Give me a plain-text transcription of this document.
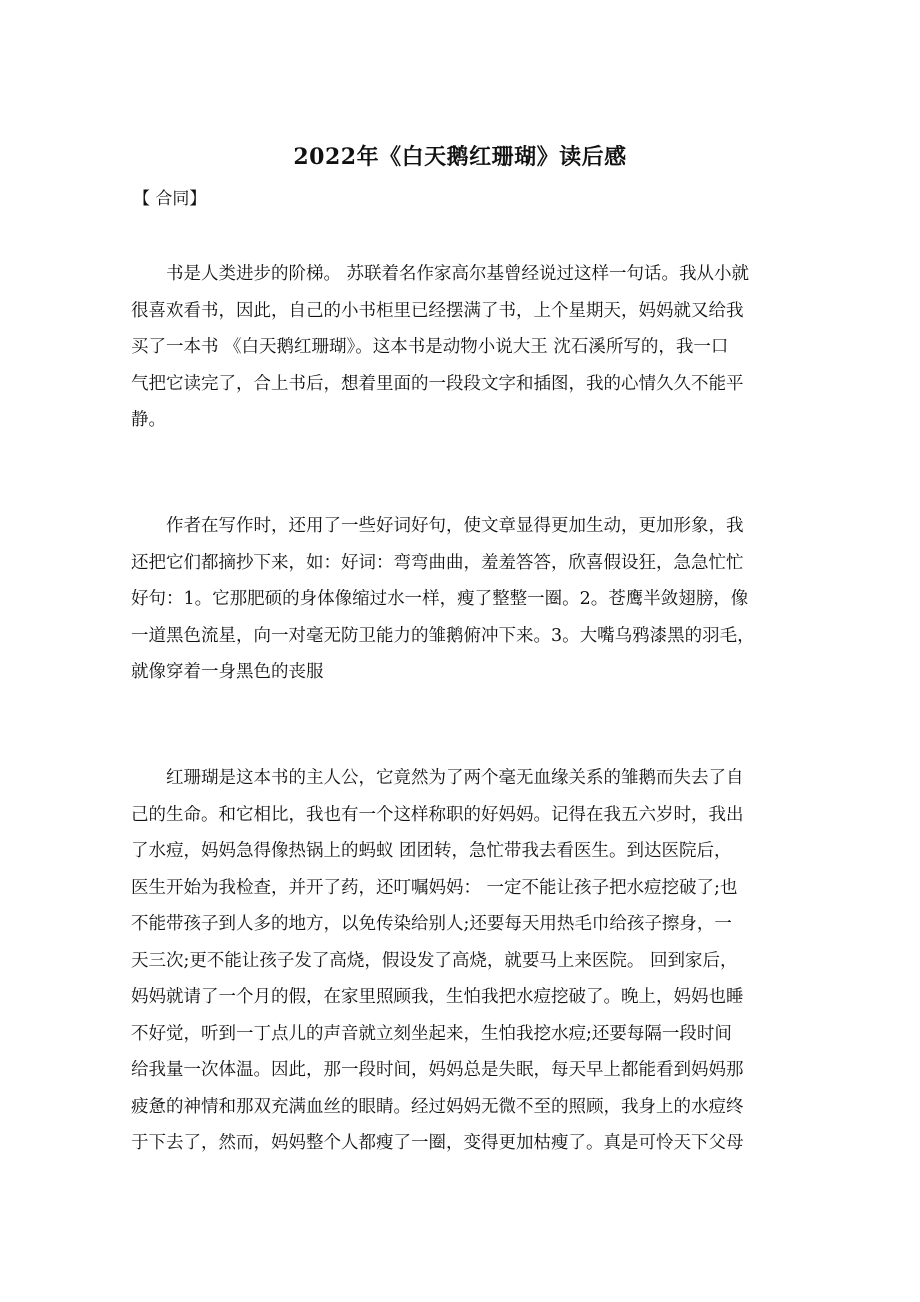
2022年《白天鹅红珊瑚》读后感
【 合同】
书是人类进步的阶梯。 苏联着名作家高尔基曾经说过这样一句话。我从小就
很喜欢看书，因此，自己的小书柜里已经摆满了书，上个星期天，妈妈就又给我
买了一本书 《白天鹅红珊瑚》。这本书是动物小说大王 沈石溪所写的，我一口
气把它读完了，合上书后，想着里面的一段段文字和插图，我的心情久久不能平
静。
作者在写作时，还用了一些好词好句，使文章显得更加生动，更加形象，我
还把它们都摘抄下来，如：好词：弯弯曲曲，羞羞答答，欣喜假设狂，急急忙忙
好句：1。它那肥硕的身体像缩过水一样，瘦了整整一圈。2。苍鹰半敛翅膀，像
一道黑色流星，向一对毫无防卫能力的雏鹅俯冲下来。3。大嘴乌鸦漆黑的羽毛，
就像穿着一身黑色的丧服
红珊瑚是这本书的主人公，它竟然为了两个毫无血缘关系的雏鹅而失去了自
己的生命。和它相比，我也有一个这样称职的好妈妈。记得在我五六岁时，我出
了水痘，妈妈急得像热锅上的蚂蚁 团团转，急忙带我去看医生。到达医院后，
医生开始为我检查，并开了药，还叮嘱妈妈： 一定不能让孩子把水痘挖破了;也
不能带孩子到人多的地方，以免传染给别人;还要每天用热毛巾给孩子擦身，一
天三次;更不能让孩子发了高烧，假设发了高烧，就要马上来医院。 回到家后，
妈妈就请了一个月的假，在家里照顾我，生怕我把水痘挖破了。晚上，妈妈也睡
不好觉，听到一丁点儿的声音就立刻坐起来，生怕我挖水痘;还要每隔一段时间
给我量一次体温。因此，那一段时间，妈妈总是失眠，每天早上都能看到妈妈那
疲惫的神情和那双充满血丝的眼睛。经过妈妈无微不至的照顾，我身上的水痘终
于下去了，然而，妈妈整个人都瘦了一圈，变得更加枯瘦了。真是可怜天下父母
